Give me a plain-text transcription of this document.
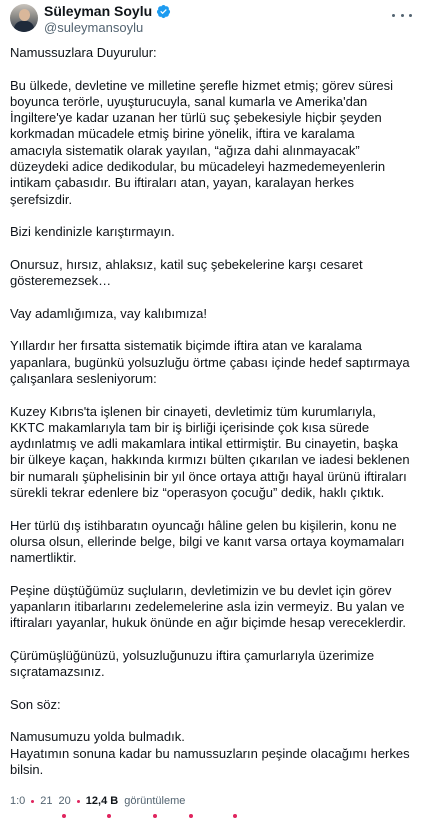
Süleyman Soylu
@suleymansoylu

Namussuzlara Duyurulur:

Bu ülkede, devletine ve milletine şerefle hizmet etmiş; görev süresi boyunca terörle, uyuşturucuyla, sanal kumarla ve Amerika'dan İngiltere'ye kadar uzanan her türlü suç şebekesiyle hiçbir şeyden korkmadan mücadele etmiş birine yönelik, iftira ve karalama amacıyla sistematik olarak yayılan, “ağıza dahi alınmayacak” düzeydeki adice dedikodular, bu mücadeleyi hazmedemeyenlerin intikam çabasıdır. Bu iftiraları atan, yayan, karalayan herkes şerefsizdir.

Bizi kendinizle karıştırmayın.

Onursuz, hırsız, ahlaksız, katil suç şebekelerine karşı cesaret gösteremezsek…

Vay adamlığımıza, vay kalıbımıza!

Yıllardır her fırsatta sistematik biçimde iftira atan ve karalama yapanlara, bugünkü yolsuzluğu örtme çabası içinde hedef saptırmaya çalışanlara sesleniyorum:

Kuzey Kıbrıs'ta işlenen bir cinayeti, devletimiz tüm kurumlarıyla, KKTC makamlarıyla tam bir iş birliği içerisinde çok kısa sürede aydınlatmış ve adli makamlara intikal ettirmiştir. Bu cinayetin, başka bir ülkeye kaçan, hakkında kırmızı bülten çıkarılan ve iadesi beklenen bir numaralı şüphelisinin bir yıl önce ortaya attığı hayal ürünü iftiraları sürekli tekrar edenlere biz “operasyon çocuğu” dedik, haklı çıktık.

Her türlü dış istihbaratın oyuncağı hâline gelen bu kişilerin, konu ne olursa olsun, ellerinde belge, bilgi ve kanıt varsa ortaya koymamaları namertliktir.

Peşine düştüğümüz suçluların, devletimizin ve bu devlet için görev yapanların itibarlarını zedelemelerine asla izin vermeyiz. Bu yalan ve iftiraları yayanlar, hukuk önünde en ağır biçimde hesap vereceklerdir.

Çürümüşlüğünüzü, yolsuzluğunuzu iftira çamurlarıyla üzerimize sıçratamazsınız.

Son söz:

Namusumuzu yolda bulmadık.
Hayatımın sonuna kadar bu namussuzların peşinde olacağımı herkes bilsin.

1:0 21 20 12,4 B görüntüleme
